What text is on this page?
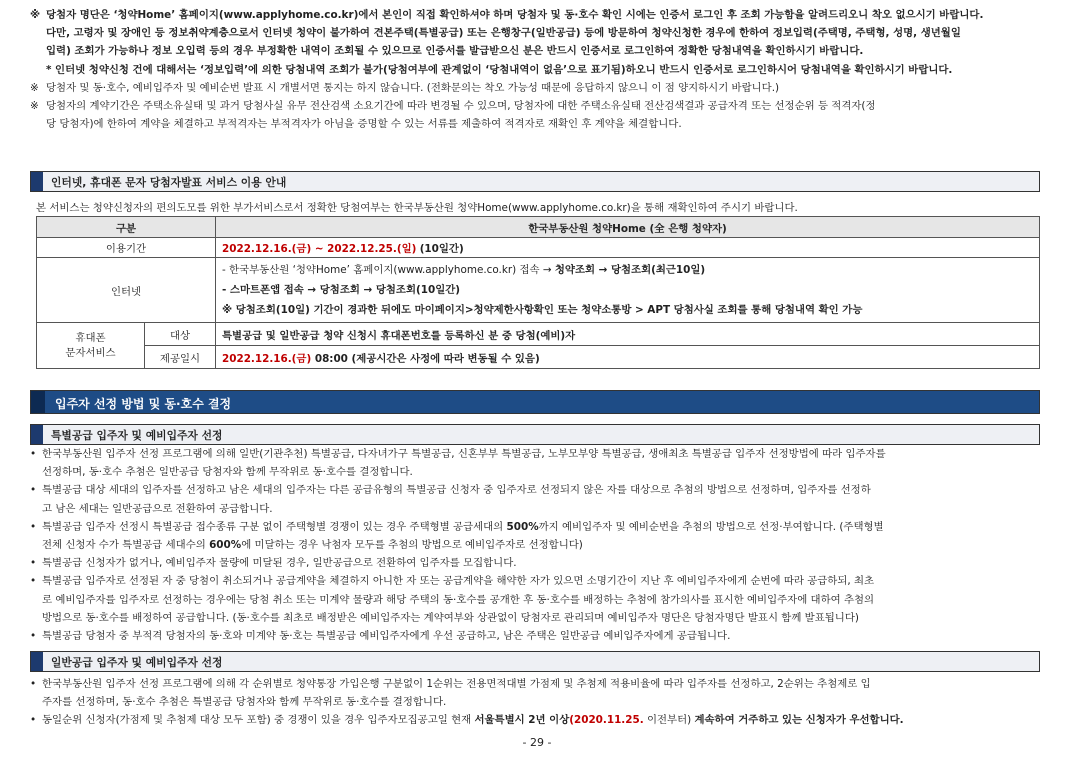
※ 당첨자 명단은 ‘청약Home’ 홈페이지(www.applyhome.co.kr)에서 본인이 직접 확인하셔야 하며 당첨자 및 동·호수 확인 시에는 인증서 로그인 후 조회 가능함을 알려드리오니 착오 없으시기 바랍니다.
다만, 고령자 및 장애인 등 정보취약계층으로서 인터넷 청약이 불가하여 견본주택(특별공급) 또는 은행창구(일반공급) 등에 방문하여 청약신청한 경우에 한하여 정보입력(주택명, 주택형, 성명, 생년월일
입력) 조회가 가능하나 정보 오입력 등의 경우 부정확한 내역이 조회될 수 있으므로 인증서를 발급받으신 분은 반드시 인증서로 로그인하여 정확한 당첨내역을 확인하시기 바랍니다.
* 인터넷 청약신청 건에 대해서는 ‘정보입력’에 의한 당첨내역 조회가 불가(당첨여부에 관계없이 ‘당첨내역이 없음’으로 표기됨)하오니 반드시 인증서로 로그인하시어 당첨내역을 확인하시기 바랍니다.
※ 당첨자 및 동·호수, 예비입주자 및 예비순번 발표 시 개별서면 통지는 하지 않습니다. (전화문의는 착오 가능성 때문에 응답하지 않으니 이 점 양지하시기 바랍니다.)
※ 당첨자의 계약기간은 주택소유실태 및 과거 당첨사실 유무 전산검색 소요기간에 따라 변경될 수 있으며, 당첨자에 대한 주택소유실태 전산검색결과 공급자격 또는 선정순위 등 적격자(정
당 당첨자)에 한하여 계약을 체결하고 부적격자는 부적격자가 아님을 증명할 수 있는 서류를 제출하여 적격자로 재확인 후 계약을 체결합니다.
인터넷, 휴대폰 문자 당첨자발표 서비스 이용 안내
본 서비스는 청약신청자의 편의도모를 위한 부가서비스로서 정확한 당첨여부는 한국부동산원 청약Home(www.applyhome.co.kr)을 통해 재확인하여 주시기 바랍니다.
구분		한국부동산원 청약Home (全 은행 청약자)
이용기간		2022.12.16.(금) ~ 2022.12.25.(일) (10일간)
인터넷		- 한국부동산원 ‘청약Home’ 홈페이지(www.applyhome.co.kr) 접속 → 청약조회 → 당첨조회(최근10일)
- 스마트폰앱 접속 → 당첨조회 → 당첨조회(10일간)
※ 당첨조회(10일) 기간이 경과한 뒤에도 마이페이지>청약제한사항확인 또는 청약소통방 > APT 당첨사실 조회를 통해 당첨내역 확인 가능

휴대폰
문자서비스	대상	특별공급 및 일반공급 청약 신청시 휴대폰번호를 등록하신 분 중 당첨(예비)자
	제공일시	2022.12.16.(금) 08:00 (제공시간은 사정에 따라 변동될 수 있음)
입주자 선정 방법 및 동·호수 결정
특별공급 입주자 및 예비입주자 선정
• 한국부동산원 입주자 선정 프로그램에 의해 일반(기관추천) 특별공급, 다자녀가구 특별공급, 신혼부부 특별공급, 노부모부양 특별공급, 생애최초 특별공급 입주자 선정방법에 따라 입주자를
선정하며, 동·호수 추첨은 일반공급 당첨자와 함께 무작위로 동·호수를 결정합니다.
• 특별공급 대상 세대의 입주자를 선정하고 남은 세대의 입주자는 다른 공급유형의 특별공급 신청자 중 입주자로 선정되지 않은 자를 대상으로 추첨의 방법으로 선정하며, 입주자를 선정하
고 남은 세대는 일반공급으로 전환하여 공급합니다.
• 특별공급 입주자 선정시 특별공급 접수종류 구분 없이 주택형별 경쟁이 있는 경우 주택형별 공급세대의 500%까지 예비입주자 및 예비순번을 추첨의 방법으로 선정·부여합니다. (주택형별
전체 신청자 수가 특별공급 세대수의 600%에 미달하는 경우 낙첨자 모두를 추첨의 방법으로 예비입주자로 선정합니다)
• 특별공급 신청자가 없거나, 예비입주자 물량에 미달된 경우, 일반공급으로 전환하여 입주자를 모집합니다.
• 특별공급 입주자로 선정된 자 중 당첨이 취소되거나 공급계약을 체결하지 아니한 자 또는 공급계약을 해약한 자가 있으면 소명기간이 지난 후 예비입주자에게 순번에 따라 공급하되, 최초
로 예비입주자를 입주자로 선정하는 경우에는 당첨 취소 또는 미계약 물량과 해당 주택의 동·호수를 공개한 후 동·호수를 배정하는 추첨에 참가의사를 표시한 예비입주자에 대하여 추첨의
방법으로 동·호수를 배정하여 공급합니다. (동·호수를 최초로 배정받은 예비입주자는 계약여부와 상관없이 당첨자로 관리되며 예비입주자 명단은 당첨자명단 발표시 함께 발표됩니다)
• 특별공급 당첨자 중 부적격 당첨자의 동·호와 미계약 동·호는 특별공급 예비입주자에게 우선 공급하고, 남은 주택은 일반공급 예비입주자에게 공급됩니다.
일반공급 입주자 및 예비입주자 선정
• 한국부동산원 입주자 선정 프로그램에 의해 각 순위별로 청약통장 가입은행 구분없이 1순위는 전용면적대별 가점제 및 추첨제 적용비율에 따라 입주자를 선정하고, 2순위는 추첨제로 입
주자를 선정하며, 동·호수 추첨은 특별공급 당첨자와 함께 무작위로 동·호수를 결정합니다.
• 동일순위 신청자(가점제 및 추첨제 대상 모두 포함) 중 경쟁이 있을 경우 입주자모집공고일 현재 서울특별시 2년 이상(2020.11.25. 이전부터) 계속하여 거주하고 있는 신청자가 우선합니다.
- 29 -
